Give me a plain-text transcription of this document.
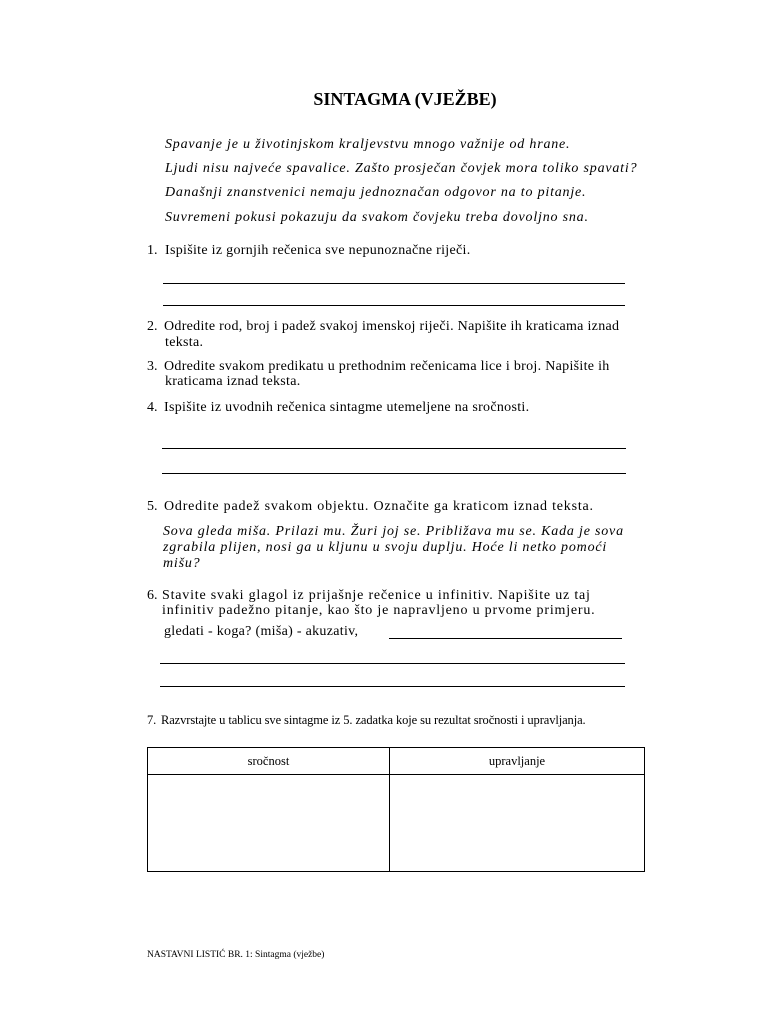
SINTAGMA (VJEŽBE)
Spavanje je u životinjskom kraljevstvu mnogo važnije od hrane.
Ljudi nisu najveće spavalice. Zašto prosječan čovjek mora toliko spavati?
Današnji znanstvenici nemaju jednoznačan odgovor na to pitanje.
Suvremeni pokusi pokazuju da svakom čovjeku treba dovoljno sna.
1. Ispišite iz gornjih rečenica sve nepunoznačne riječi.
2. Odredite rod, broj i padež svakoj imenskoj riječi. Napišite ih kraticama iznad
teksta.
3. Odredite svakom predikatu u prethodnim rečenicama lice i broj. Napišite ih
kraticama iznad teksta.
4. Ispišite iz uvodnih rečenica sintagme utemeljene na sročnosti.
5. Odredite padež svakom objektu. Označite ga kraticom iznad teksta.
Sova gleda miša. Prilazi mu. Žuri joj se. Približava mu se. Kada je sova
zgrabila plijen, nosi ga u kljunu u svoju duplju. Hoće li netko pomoći
mišu?
6. Stavite svaki glagol iz prijašnje rečenice u infinitiv. Napišite uz taj
infinitiv padežno pitanje, kao što je napravljeno u prvome primjeru.
gledati - koga? (miša) - akuzativ,
7. Razvrstajte u tablicu sve sintagme iz 5. zadatka koje su rezultat sročnosti i upravljanja.
sročnost	upravljanje

NASTAVNI LISTIĆ BR. 1: Sintagma (vježbe)
